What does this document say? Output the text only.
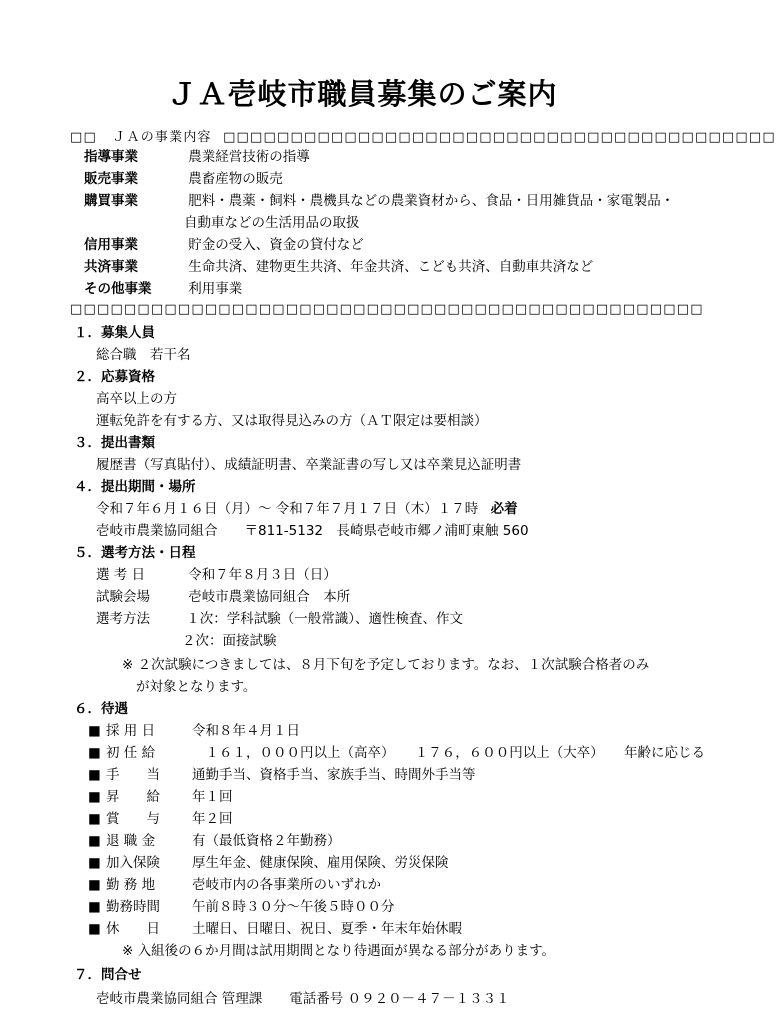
ＪＡ壱岐市職員募集のご案内
□□ ＪＡの事業内容 □□□□□□□□□□□□□□□□□□□□□□□□□□□□□□□□□□□□□□□□□
指導事業	農業経営技術の指導
販売事業	農畜産物の販売
購買事業	肥料・農薬・飼料・農機具などの農業資材から、食品・日用雑貨品・家電製品・
自動車などの生活用品の取扱
信用事業	貯金の受入、資金の貸付など
共済事業	生命共済、建物更生共済、年金共済、こども共済、自動車共済など
その他事業	利用事業
□□□□□□□□□□□□□□□□□□□□□□□□□□□□□□□□□□□□□□□□□□□□□□□
１．募集人員
総合職　若干名
２．応募資格
高卒以上の方
運転免許を有する方、又は取得見込みの方（ＡＴ限定は要相談）
３．提出書類
履歴書（写真貼付）、成績証明書、卒業証書の写し又は卒業見込証明書
４．提出期間・場所
令和７年６月１６日（月）～ 令和７年７月１７日（木）１７時 必着
壱岐市農業協同組合　　〒811-5132　長崎県壱岐市郷ノ浦町東触 560
５．選考方法・日程
選 考 日	令和７年８月３日（日）
試験会場	壱岐市農業協同組合　本所
選考方法	１次：学科試験（一般常識）、適性検査、作文
２次：面接試験
※ ２次試験につきましては、８月下旬を予定しております。なお、１次試験合格者のみ
が対象となります。
６．待遇
■ 採 用 日	令和８年４月１日
■ 初 任 給	　１６１，０００円以上（高卒）　　１７６，６００円以上（大卒）　　年齢に応じる
■ 手　　当 通勤手当、資格手当、家族手当、時間外手当等
■ 昇　　給 年１回
■ 賞　　与 年２回
■ 退 職 金	有（最低資格２年勤務）
■ 加入保険 厚生年金、健康保険、雇用保険、労災保険
■ 勤 務 地	壱岐市内の各事業所のいずれか
■ 勤務時間 午前８時３０分～午後５時００分
■ 休　　日 土曜日、日曜日、祝日、夏季・年末年始休暇
※ 入組後の６か月間は試用期間となり待遇面が異なる部分があります。
７．問合せ
壱岐市農業協同組合 管理課　　電話番号 ０９２０－４７－１３３１
